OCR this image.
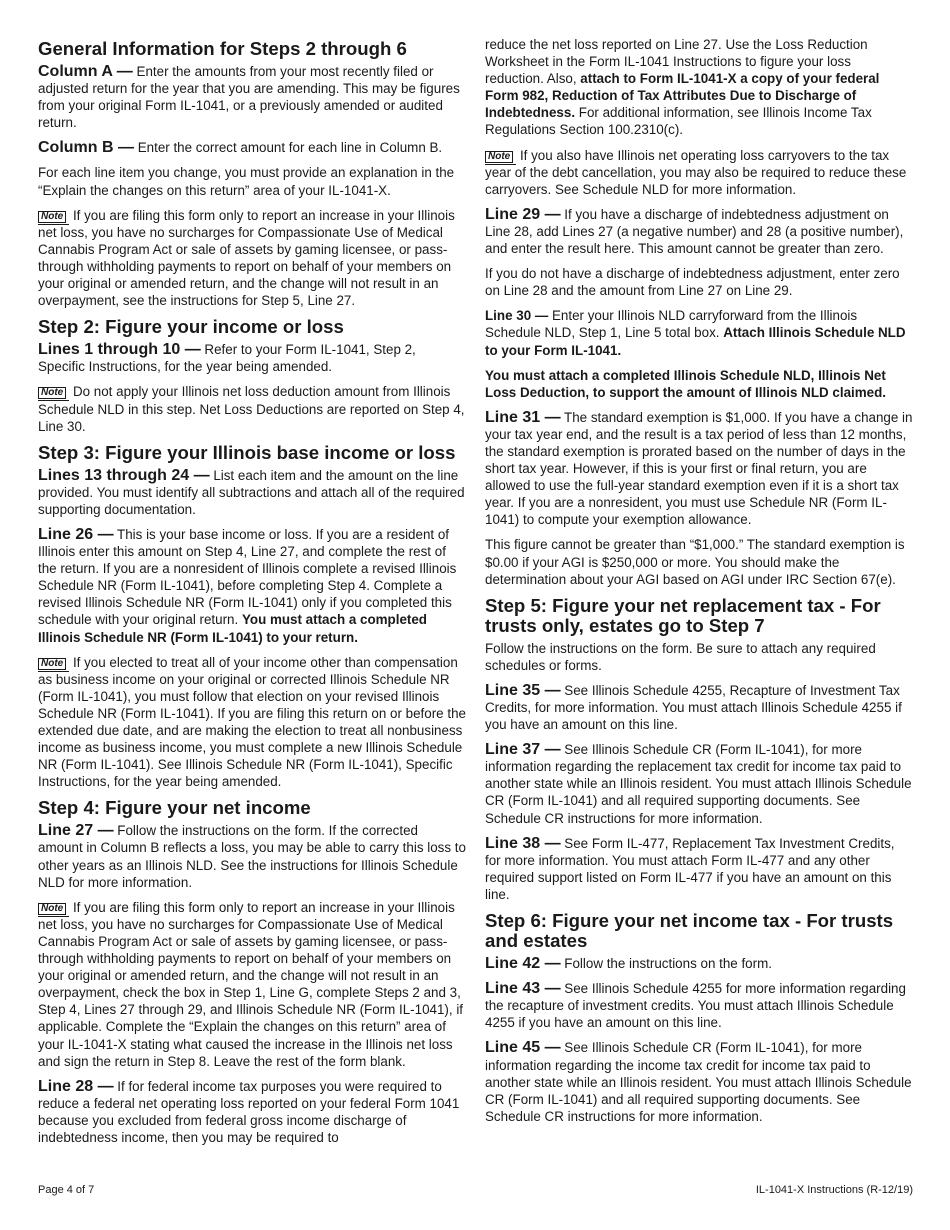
General Information for Steps 2 through 6

Column A — Enter the amounts from your most recently filed or adjusted return for the year that you are amending. This may be figures from your original Form IL-1041, or a previously amended or audited return.

Column B — Enter the correct amount for each line in Column B.

For each line item you change, you must provide an explanation in the “Explain the changes on this return” area of your IL-1041-X.

Note If you are filing this form only to report an increase in your Illinois net loss, you have no surcharges for Compassionate Use of Medical Cannabis Program Act or sale of assets by gaming licensee, or pass-through withholding payments to report on behalf of your members on your original or amended return, and the change will not result in an overpayment, see the instructions for Step 5, Line 27.

Step 2: Figure your income or loss

Lines 1 through 10 — Refer to your Form IL-1041, Step 2, Specific Instructions, for the year being amended.

Note Do not apply your Illinois net loss deduction amount from Illinois Schedule NLD in this step. Net Loss Deductions are reported on Step 4, Line 30.

Step 3: Figure your Illinois base income or loss

Lines 13 through 24 — List each item and the amount on the line provided. You must identify all subtractions and attach all of the required supporting documentation.

Line 26 — This is your base income or loss. If you are a resident of Illinois enter this amount on Step 4, Line 27, and complete the rest of the return. If you are a nonresident of Illinois complete a revised Illinois Schedule NR (Form IL-1041), before completing Step 4. Complete a revised Illinois Schedule NR (Form IL-1041) only if you completed this schedule with your original return. You must attach a completed Illinois Schedule NR (Form IL-1041) to your return.

Note If you elected to treat all of your income other than compensation as business income on your original or corrected Illinois Schedule NR (Form IL-1041), you must follow that election on your revised Illinois Schedule NR (Form IL-1041). If you are filing this return on or before the extended due date, and are making the election to treat all nonbusiness income as business income, you must complete a new Illinois Schedule NR (Form IL-1041). See Illinois Schedule NR (Form IL-1041), Specific Instructions, for the year being amended.

Step 4: Figure your net income

Line 27 — Follow the instructions on the form. If the corrected amount in Column B reflects a loss, you may be able to carry this loss to other years as an Illinois NLD. See the instructions for Illinois Schedule NLD for more information.

Note If you are filing this form only to report an increase in your Illinois net loss, you have no surcharges for Compassionate Use of Medical Cannabis Program Act or sale of assets by gaming licensee, or pass-through withholding payments to report on behalf of your members on your original or amended return, and the change will not result in an overpayment, check the box in Step 1, Line G, complete Steps 2 and 3, Step 4, Lines 27 through 29, and Illinois Schedule NR (Form IL-1041), if applicable. Complete the “Explain the changes on this return” area of your IL-1041-X stating what caused the increase in the Illinois net loss and sign the return in Step 8. Leave the rest of the form blank.

Line 28 — If for federal income tax purposes you were required to reduce a federal net operating loss reported on your federal Form 1041 because you excluded from federal gross income discharge of indebtedness income, then you may be required to

reduce the net loss reported on Line 27. Use the Loss Reduction Worksheet in the Form IL-1041 Instructions to figure your loss reduction. Also, attach to Form IL-1041-X a copy of your federal Form 982, Reduction of Tax Attributes Due to Discharge of Indebtedness. For additional information, see Illinois Income Tax Regulations Section 100.2310(c).

Note If you also have Illinois net operating loss carryovers to the tax year of the debt cancellation, you may also be required to reduce these carryovers. See Schedule NLD for more information.

Line 29 — If you have a discharge of indebtedness adjustment on Line 28, add Lines 27 (a negative number) and 28 (a positive number), and enter the result here. This amount cannot be greater than zero.

If you do not have a discharge of indebtedness adjustment, enter zero on Line 28 and the amount from Line 27 on Line 29.

Line 30 — Enter your Illinois NLD carryforward from the Illinois Schedule NLD, Step 1, Line 5 total box. Attach Illinois Schedule NLD to your Form IL-1041.

You must attach a completed Illinois Schedule NLD, Illinois Net Loss Deduction, to support the amount of Illinois NLD claimed.

Line 31 — The standard exemption is $1,000. If you have a change in your tax year end, and the result is a tax period of less than 12 months, the standard exemption is prorated based on the number of days in the short tax year. However, if this is your first or final return, you are allowed to use the full-year standard exemption even if it is a short tax year. If you are a nonresident, you must use Schedule NR (Form IL-1041) to compute your exemption allowance.

This figure cannot be greater than “$1,000.” The standard exemption is $0.00 if your AGI is $250,000 or more. You should make the determination about your AGI based on AGI under IRC Section 67(e).

Step 5: Figure your net replacement tax - For trusts only, estates go to Step 7

Follow the instructions on the form. Be sure to attach any required schedules or forms.

Line 35 — See Illinois Schedule 4255, Recapture of Investment Tax Credits, for more information. You must attach Illinois Schedule 4255 if you have an amount on this line.

Line 37 — See Illinois Schedule CR (Form IL-1041), for more information regarding the replacement tax credit for income tax paid to another state while an Illinois resident. You must attach Illinois Schedule CR (Form IL-1041) and all required supporting documents. See Schedule CR instructions for more information.

Line 38 — See Form IL-477, Replacement Tax Investment Credits, for more information. You must attach Form IL-477 and any other required support listed on Form IL-477 if you have an amount on this line.

Step 6: Figure your net income tax - For trusts and estates

Line 42 — Follow the instructions on the form.

Line 43 — See Illinois Schedule 4255 for more information regarding the recapture of investment credits. You must attach Illinois Schedule 4255 if you have an amount on this line.

Line 45 — See Illinois Schedule CR (Form IL-1041), for more information regarding the income tax credit for income tax paid to another state while an Illinois resident. You must attach Illinois Schedule CR (Form IL-1041) and all required supporting documents. See Schedule CR instructions for more information.

Page 4 of 7	IL-1041-X Instructions (R-12/19)
